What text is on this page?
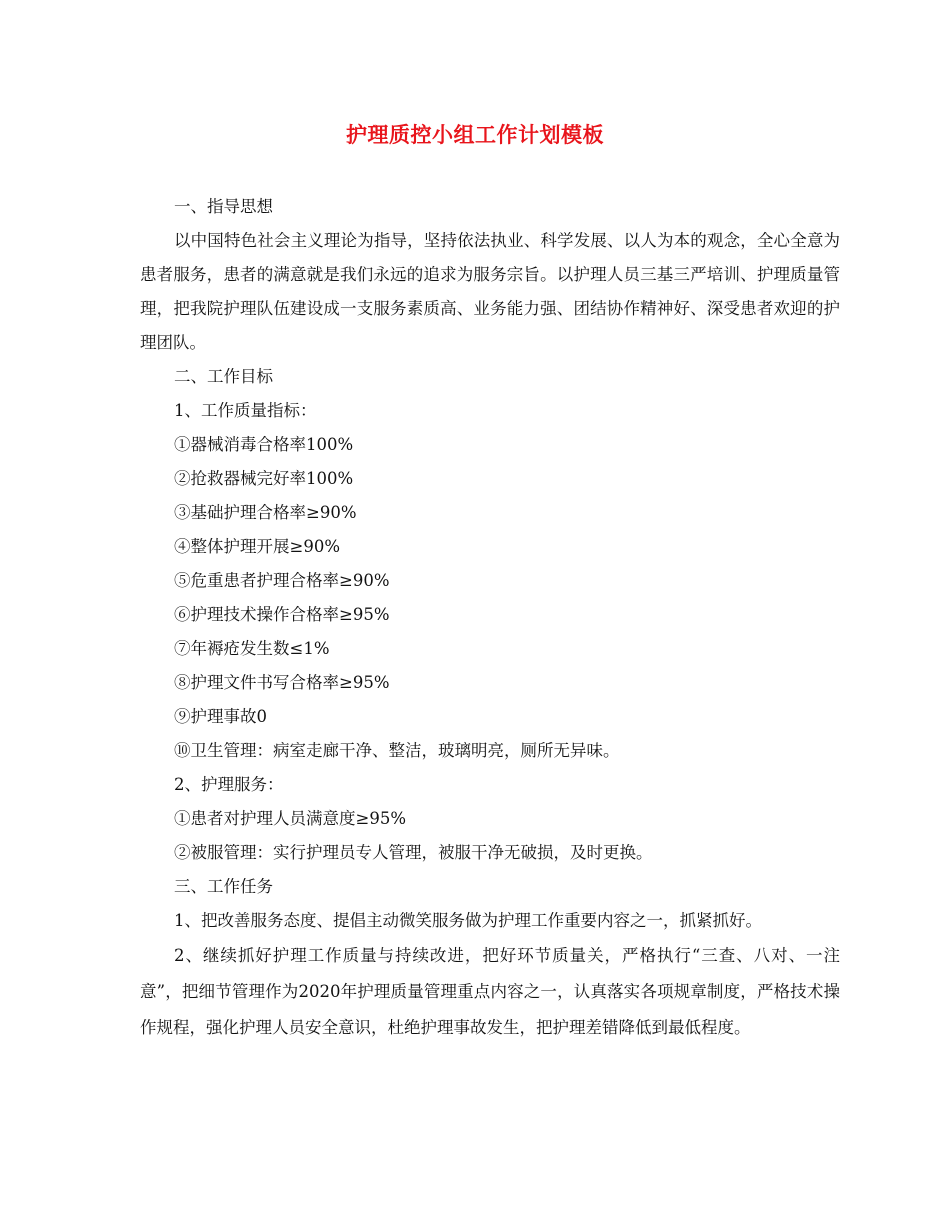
护理质控小组工作计划模板

一、指导思想

以中国特色社会主义理论为指导，坚持依法执业、科学发展、以人为本的观念，全心全意为患者服务，患者的满意就是我们永远的追求为服务宗旨。以护理人员三基三严培训、护理质量管理，把我院护理队伍建设成一支服务素质高、业务能力强、团结协作精神好、深受患者欢迎的护理团队。

二、工作目标

1、工作质量指标：

①器械消毒合格率100%

②抢救器械完好率100%

③基础护理合格率≥90%

④整体护理开展≥90%

⑤危重患者护理合格率≥90%

⑥护理技术操作合格率≥95%

⑦年褥疮发生数≤1%

⑧护理文件书写合格率≥95%

⑨护理事故0

⑩卫生管理：病室走廊干净、整洁，玻璃明亮，厕所无异味。

2、护理服务：

①患者对护理人员满意度≥95%

②被服管理：实行护理员专人管理，被服干净无破损，及时更换。

三、工作任务

1、把改善服务态度、提倡主动微笑服务做为护理工作重要内容之一，抓紧抓好。

2、继续抓好护理工作质量与持续改进，把好环节质量关，严格执行“三查、八对、一注意”，把细节管理作为2020年护理质量管理重点内容之一，认真落实各项规章制度，严格技术操作规程，强化护理人员安全意识，杜绝护理事故发生，把护理差错降低到最低程度。
